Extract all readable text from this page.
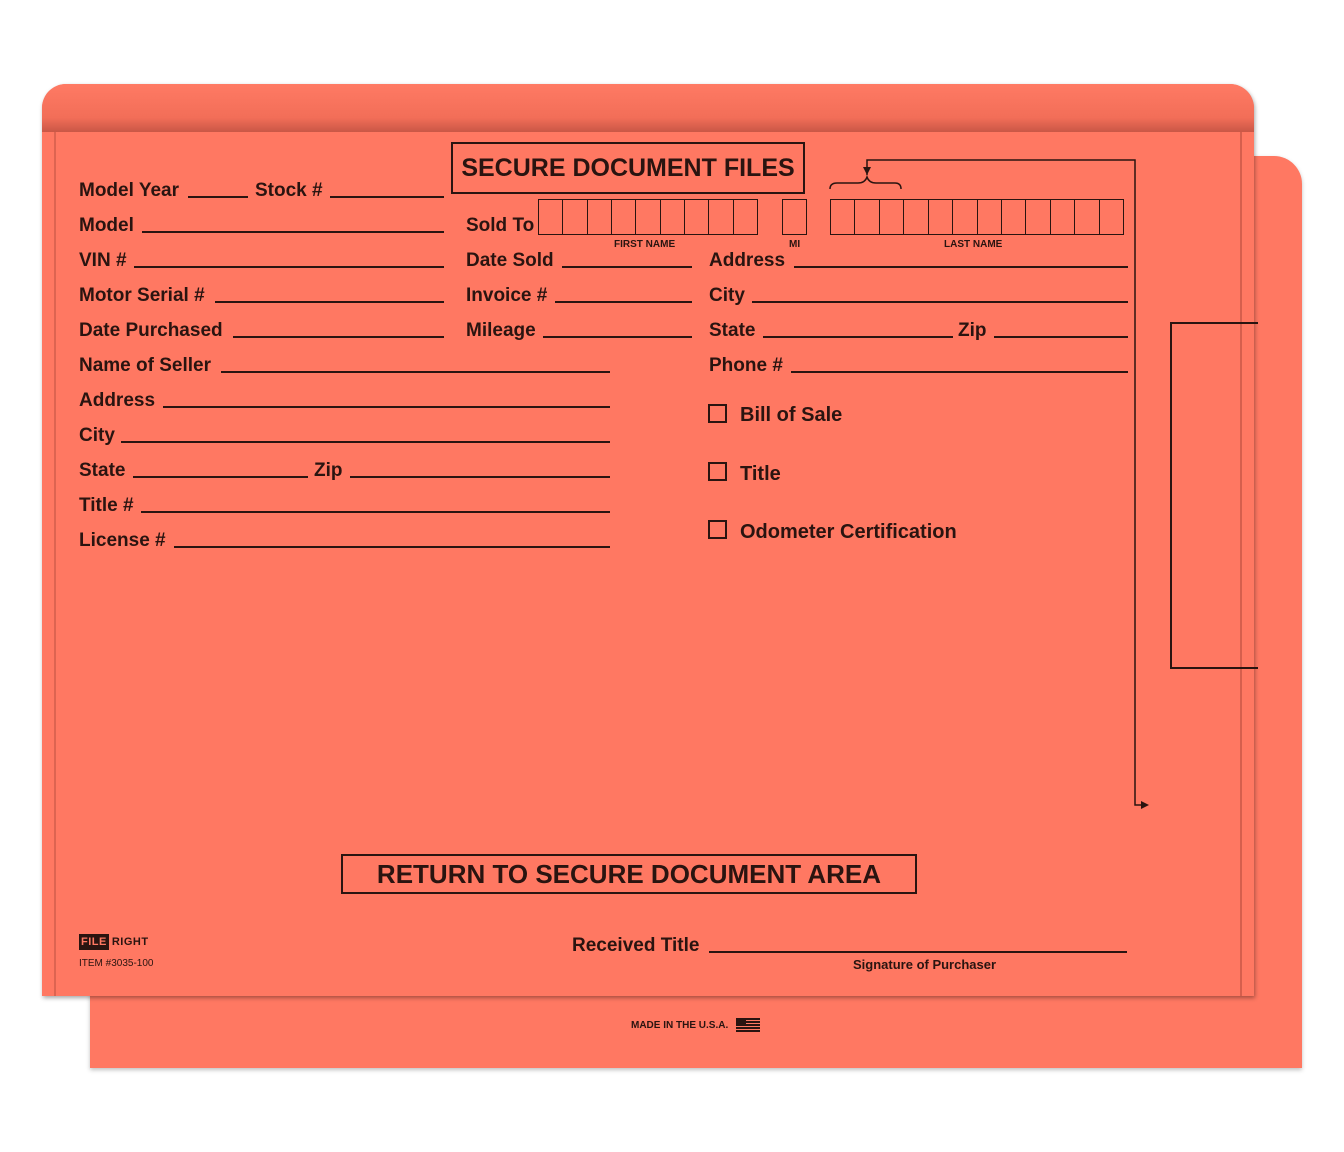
MADE IN THE U.S.A.
SECURE DOCUMENT FILES
Model Year	Stock #
Model
VIN #
Motor Serial #
Date Purchased
Name of Seller
Address
City
State	Zip
Title #
License #
Sold To
FIRST NAME	MI	LAST NAME
Date Sold
Invoice #
Mileage
Address
City
State	Zip
Phone #
Bill of Sale
Title
Odometer Certification
RETURN TO SECURE DOCUMENT AREA
Received Title
Signature of Purchaser
FILE RIGHT
ITEM #3035-100
